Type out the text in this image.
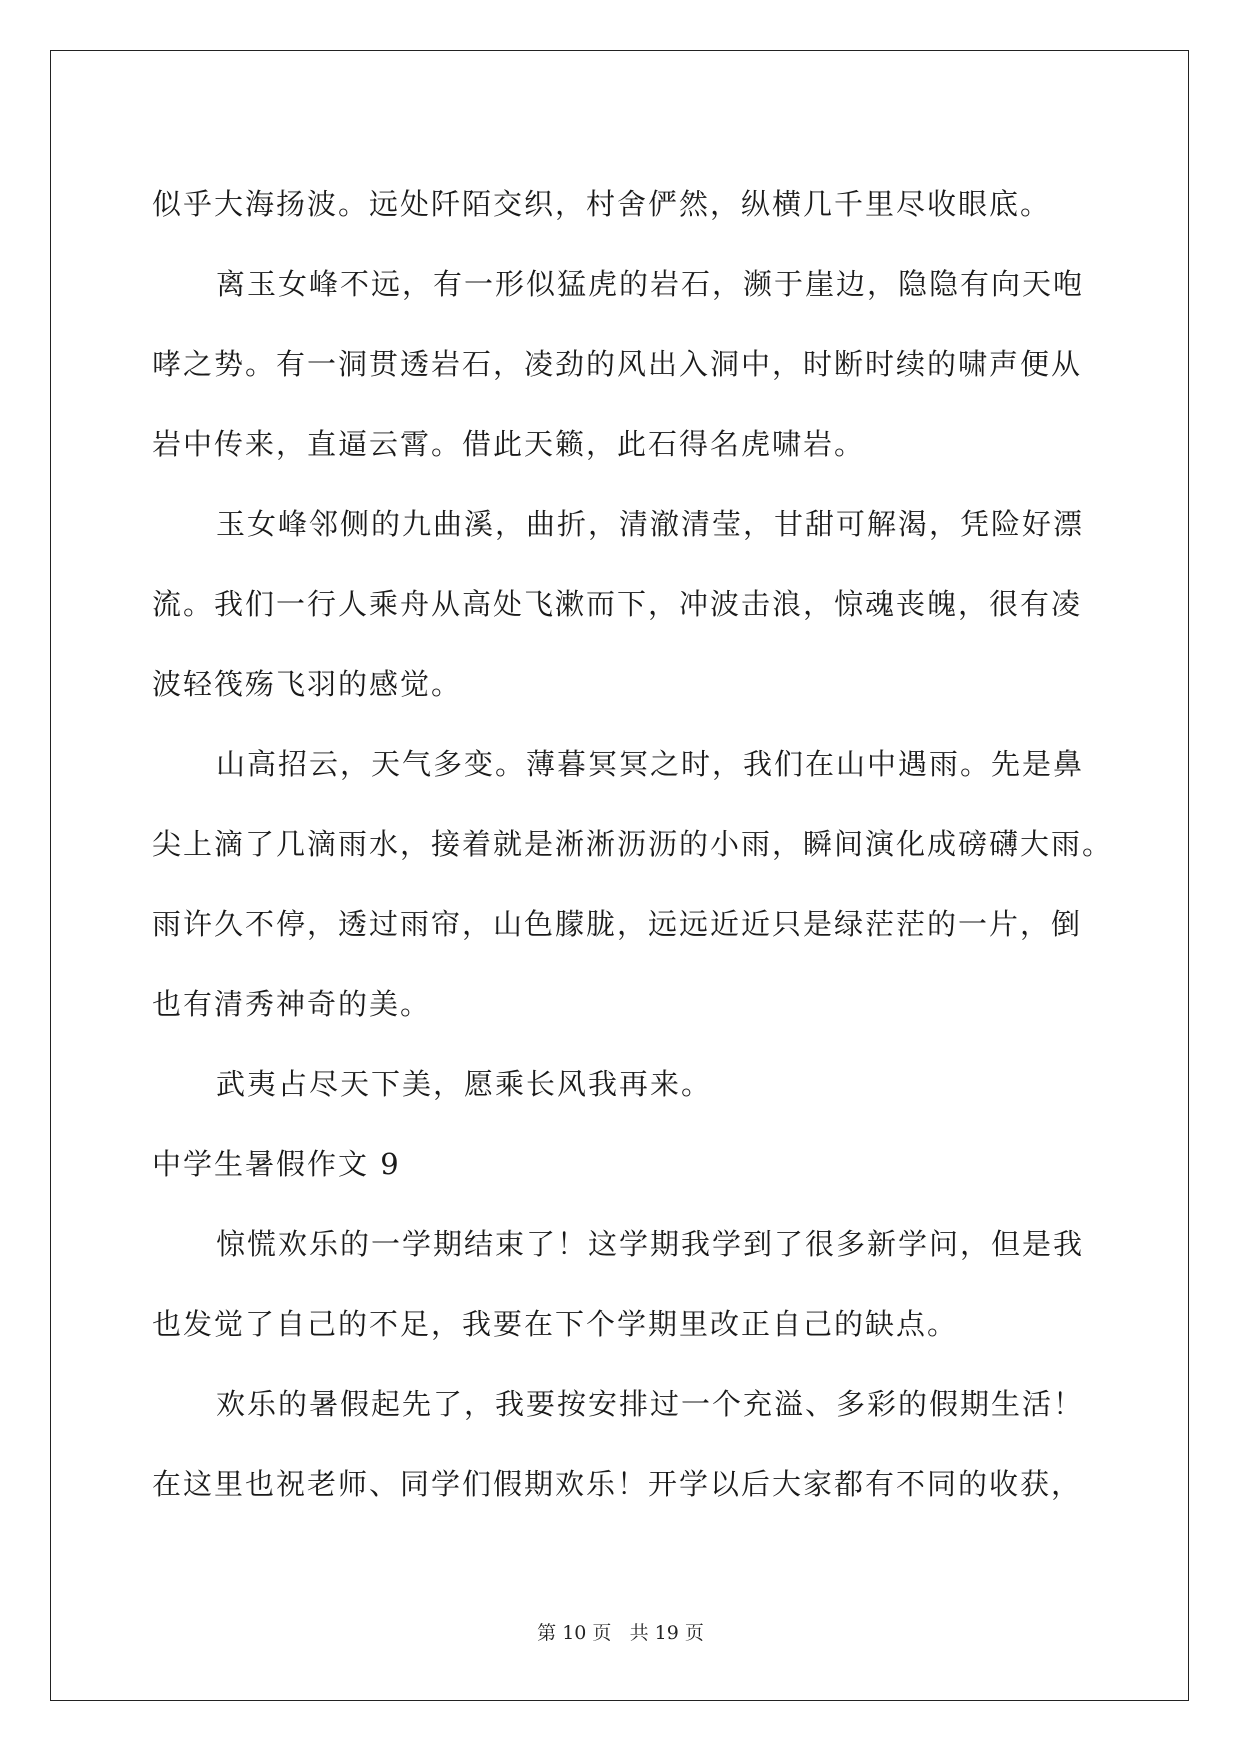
似乎大海扬波。远处阡陌交织，村舍俨然，纵横几千里尽收眼底。
离玉女峰不远，有一形似猛虎的岩石，濒于崖边，隐隐有向天咆
哮之势。有一洞贯透岩石，凌劲的风出入洞中，时断时续的啸声便从
岩中传来，直逼云霄。借此天籁，此石得名虎啸岩。
玉女峰邻侧的九曲溪，曲折，清澈清莹，甘甜可解渴，凭险好漂
流。我们一行人乘舟从高处飞漱而下，冲波击浪，惊魂丧魄，很有凌
波轻筏殇飞羽的感觉。
山高招云，天气多变。薄暮冥冥之时，我们在山中遇雨。先是鼻
尖上滴了几滴雨水，接着就是淅淅沥沥的小雨，瞬间演化成磅礴大雨。
雨许久不停，透过雨帘，山色朦胧，远远近近只是绿茫茫的一片，倒
也有清秀神奇的美。
武夷占尽天下美，愿乘长风我再来。
中学生暑假作文 9
惊慌欢乐的一学期结束了！这学期我学到了很多新学问，但是我
也发觉了自己的不足，我要在下个学期里改正自己的缺点。
欢乐的暑假起先了，我要按安排过一个充溢、多彩的假期生活！
在这里也祝老师、同学们假期欢乐！开学以后大家都有不同的收获，
第 10 页 共 19 页
